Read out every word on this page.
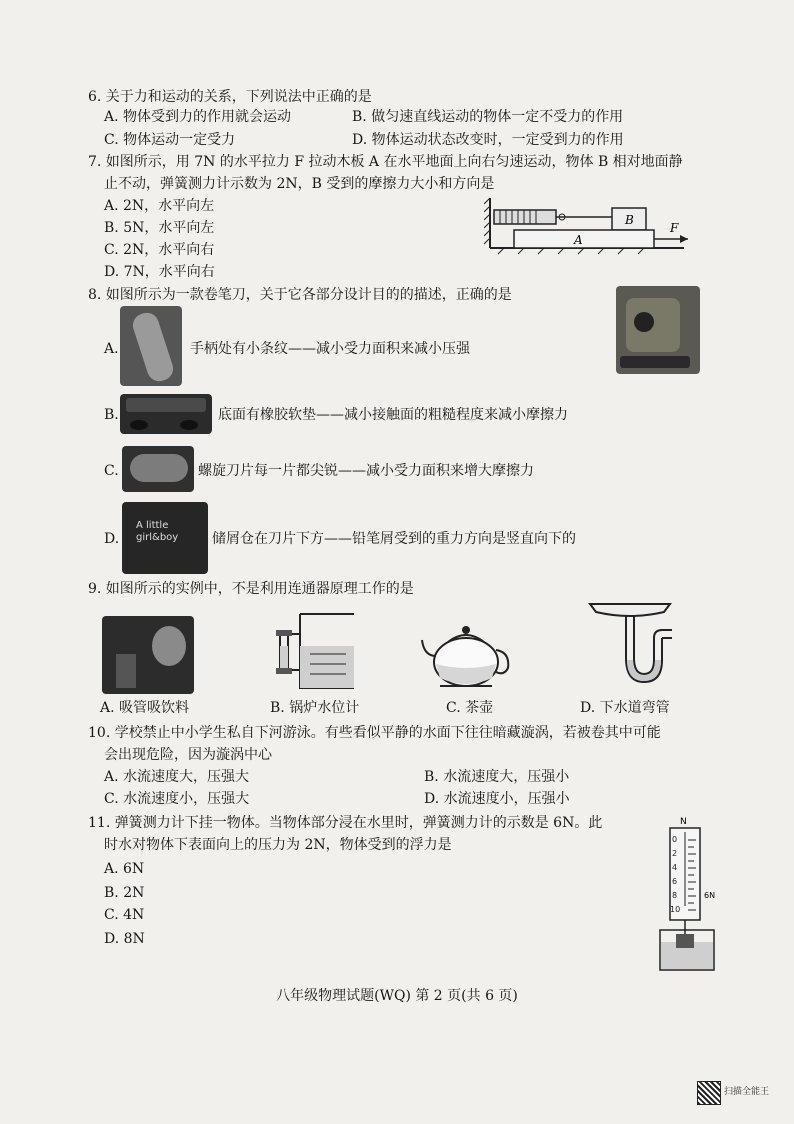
6. 关于力和运动的关系，下列说法中正确的是
A. 物体受到力的作用就会运动	B. 做匀速直线运动的物体一定不受力的作用
C. 物体运动一定受力	D. 物体运动状态改变时，一定受到力的作用
7. 如图所示，用 7N 的水平拉力 F 拉动木板 A 在水平地面上向右匀速运动，物体 B 相对地面静
止不动，弹簧测力计示数为 2N，B 受到的摩擦力大小和方向是
A. 2N，水平向左
B. 5N，水平向左
C. 2N，水平向右
D. 7N，水平向右
B
A
F
8. 如图所示为一款卷笔刀，关于它各部分设计目的的描述，正确的是
A.	手柄处有小条纹——减小受力面积来减小压强
B.	底面有橡胶软垫——减小接触面的粗糙程度来减小摩擦力
C.	螺旋刀片每一片都尖锐——减小受力面积来增大摩擦力
D.
A little girl&boy	储屑仓在刀片下方——铅笔屑受到的重力方向是竖直向下的
9. 如图所示的实例中，不是利用连通器原理工作的是
A. 吸管吸饮料	B. 锅炉水位计	C. 茶壶	D. 下水道弯管
10. 学校禁止中小学生私自下河游泳。有些看似平静的水面下往往暗藏漩涡，若被卷其中可能
会出现危险，因为漩涡中心
A. 水流速度大，压强大	B. 水流速度大，压强小
C. 水流速度小，压强大	D. 水流速度小，压强小
11. 弹簧测力计下挂一物体。当物体部分浸在水里时，弹簧测力计的示数是 6N。此
时水对物体下表面向上的压力为 2N，物体受到的浮力是
A. 6N
B. 2N
C. 4N
D. 8N
N
0
2
4
6
8
10
6N
八年级物理试题(WQ) 第 2 页(共 6 页)
扫描全能王
